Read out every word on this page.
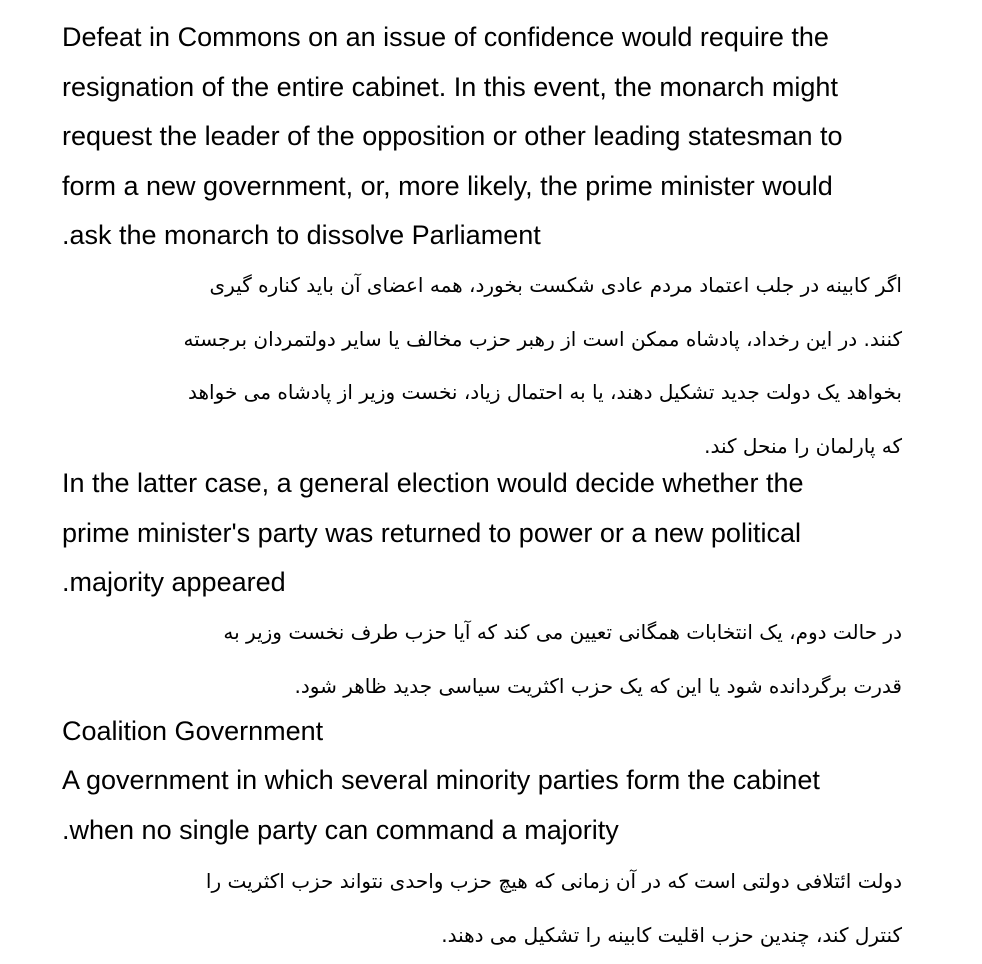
Defeat in Commons on an issue of confidence would require the
resignation of the entire cabinet. In this event, the monarch might
request the leader of the opposition or other leading statesman to
form a new government, or, more likely, the prime minister would
.ask the monarch to dissolve Parliament
اگر کابینه در جلب اعتماد مردم عادی شکست بخورد، همه اعضای آن باید کناره گیری
کنند. در این رخداد، پادشاه ممکن است از رهبر حزب مخالف یا سایر دولتمردان برجسته
بخواهد یک دولت جدید تشکیل دهند، یا به احتمال زیاد، نخست وزیر از پادشاه می خواهد
که پارلمان را منحل کند.
In the latter case, a general election would decide whether the
prime minister's party was returned to power or a new political
.majority appeared
در حالت دوم، یک انتخابات همگانی تعیین می کند که آیا حزب طرف نخست وزیر به
قدرت برگردانده شود یا این که یک حزب اکثریت سیاسی جدید ظاهر شود.
Coalition Government
A government in which several minority parties form the cabinet
.when no single party can command a majority
دولت ائتلافی دولتی است که در آن زمانی که هیچ حزب واحدی نتواند حزب اکثریت را
کنترل کند، چندین حزب اقلیت کابینه را تشکیل می دهند.
